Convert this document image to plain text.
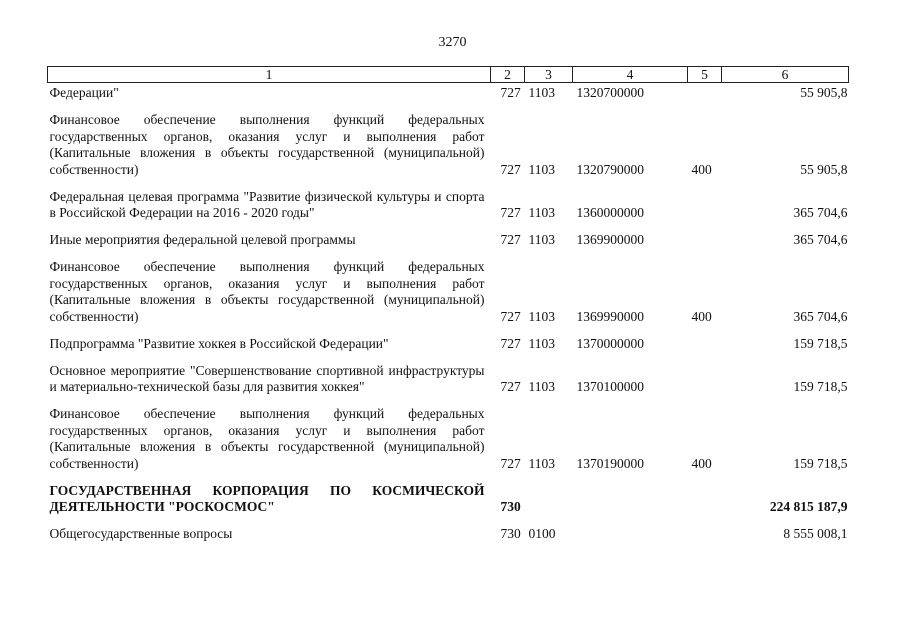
3270
1	2	3	4	5	6
Федерации"	727	1103	1320700000		55 905,8
Финансовое обеспечение выполнения функций федеральных государственных органов, оказания услуг и выполнения работ (Капитальные вложения в объекты государственной (муниципальной) собственности)	727	1103	1320790000	400	55 905,8
Федеральная целевая программа "Развитие физической культуры и спорта в Российской Федерации на 2016 - 2020 годы"	727	1103	1360000000		365 704,6
Иные мероприятия федеральной целевой программы	727	1103	1369900000		365 704,6
Финансовое обеспечение выполнения функций федеральных государственных органов, оказания услуг и выполнения работ (Капитальные вложения в объекты государственной (муниципальной) собственности)	727	1103	1369990000	400	365 704,6
Подпрограмма "Развитие хоккея в Российской Федерации"	727	1103	1370000000		159 718,5
Основное мероприятие "Совершенствование спортивной инфраструктуры и материально-технической базы для развития хоккея"	727	1103	1370100000		159 718,5
Финансовое обеспечение выполнения функций федеральных государственных органов, оказания услуг и выполнения работ (Капитальные вложения в объекты государственной (муниципальной) собственности)	727	1103	1370190000	400	159 718,5
ГОСУДАРСТВЕННАЯ КОРПОРАЦИЯ ПО КОСМИЧЕСКОЙ ДЕЯТЕЛЬНОСТИ "РОСКОСМОС"	730				224 815 187,9
Общегосударственные вопросы	730	0100			8 555 008,1
